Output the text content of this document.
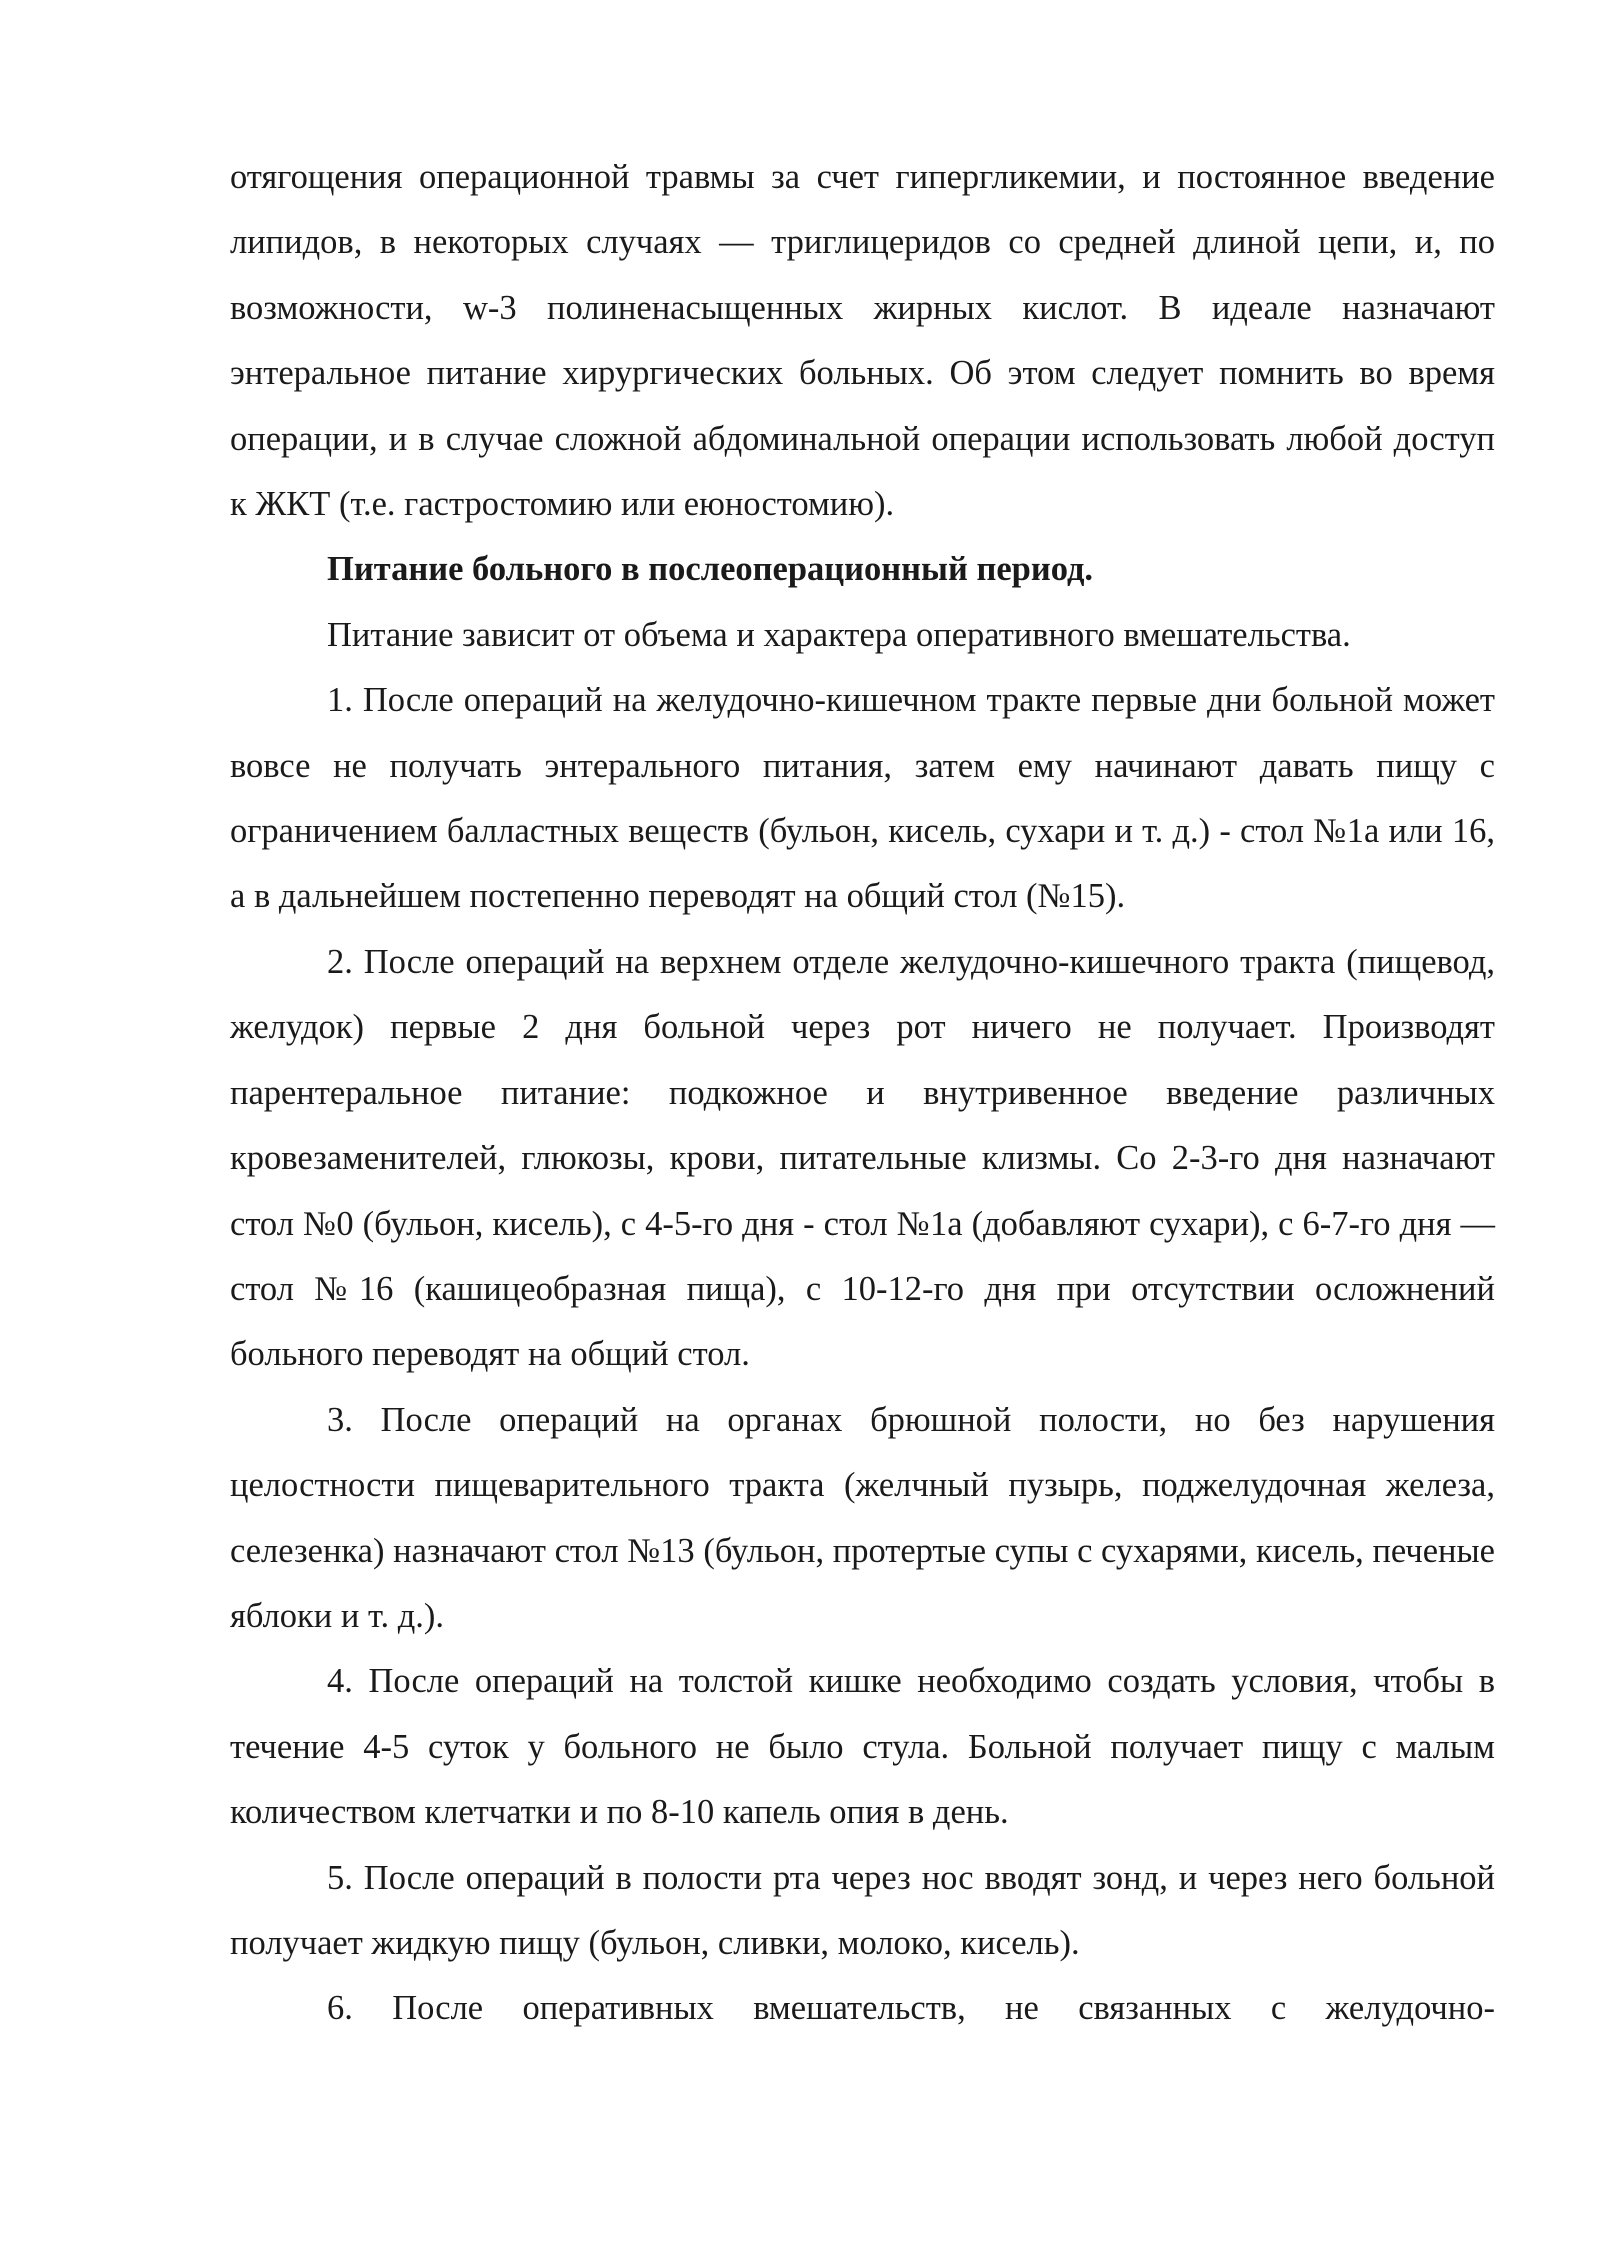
отягощения операционной травмы за счет гипергликемии, и постоянное введение липидов, в некоторых случаях — триглицеридов со средней длиной цепи, и, по возможности, w-3 полиненасыщенных жирных кислот. В идеале назначают энтеральное питание хирургических больных. Об этом следует помнить во время операции, и в случае сложной абдоминальной операции использовать любой доступ к ЖКТ (т.е. гастростомию или еюностомию).

Питание больного в послеоперационный период.

Питание зависит от объема и характера оперативного вмешательства.

1. После операций на желудочно-кишечном тракте первые дни больной может вовсе не получать энтерального питания, затем ему начинают давать пищу с ограничением балластных веществ (бульон, кисель, сухари и т. д.) - стол №1а или 16, а в дальнейшем постепенно переводят на общий стол (№15).

2. После операций на верхнем отделе желудочно-кишечного тракта (пищевод, желудок) первые 2 дня больной через рот ничего не получает. Производят парентеральное питание: подкожное и внутривенное введение различных кровезаменителей, глюкозы, крови, питательные клизмы. Со 2-3-го дня назначают стол №0 (бульон, кисель), с 4-5-го дня - стол №1а (добавляют сухари), с 6-7-го дня — стол №16 (кашицеобразная пища), с 10-12-го дня при отсутствии осложнений больного переводят на общий стол.

3. После операций на органах брюшной полости, но без нарушения целостности пищеварительного тракта (желчный пузырь, поджелудочная железа, селезенка) назначают стол №13 (бульон, протертые супы с сухарями, кисель, печеные яблоки и т. д.).

4. После операций на толстой кишке необходимо создать условия, чтобы в течение 4-5 суток у больного не было стула. Больной получает пищу с малым количеством клетчатки и по 8-10 капель опия в день.

5. После операций в полости рта через нос вводят зонд, и через него больной получает жидкую пищу (бульон, сливки, молоко, кисель).

6. После оперативных вмешательств, не связанных с желудочно-
